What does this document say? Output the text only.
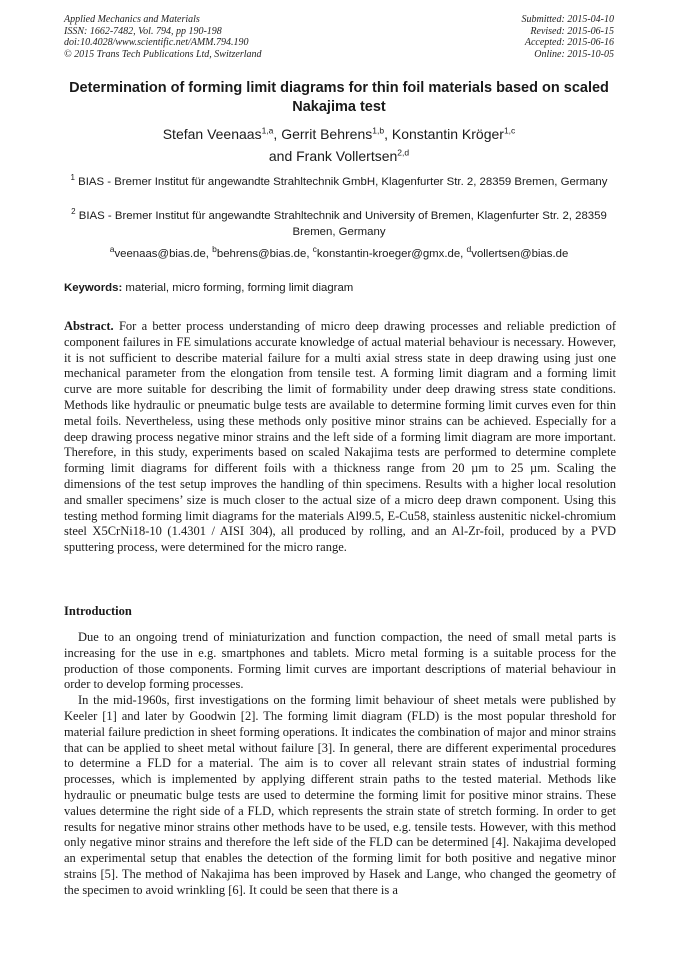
Applied Mechanics and Materials
ISSN: 1662-7482, Vol. 794, pp 190-198
doi:10.4028/www.scientific.net/AMM.794.190
© 2015 Trans Tech Publications Ltd, Switzerland
Submitted: 2015-04-10
Revised: 2015-06-15
Accepted: 2015-06-16
Online: 2015-10-05
Determination of forming limit diagrams for thin foil materials based on scaled Nakajima test
Stefan Veenaas$^{1,a}$, Gerrit Behrens$^{1,b}$, Konstantin Kröger$^{1,c}$
and Frank Vollertsen$^{2,d}$
$^1$ BIAS - Bremer Institut für angewandte Strahltechnik GmbH, Klagenfurter Str. 2, 28359 Bremen, Germany
$^2$ BIAS - Bremer Institut für angewandte Strahltechnik and University of Bremen, Klagenfurter Str. 2, 28359 Bremen, Germany
$^a$veenaas@bias.de, $^b$behrens@bias.de, $^c$konstantin-kroeger@gmx.de, $^d$vollertsen@bias.de
Keywords: material, micro forming, forming limit diagram
Abstract. For a better process understanding of micro deep drawing processes and reliable prediction of component failures in FE simulations accurate knowledge of actual material behaviour is necessary. However, it is not sufficient to describe material failure for a multi axial stress state in deep drawing using just one mechanical parameter from the elongation from tensile test. A forming limit diagram and a forming limit curve are more suitable for describing the limit of formability under deep drawing stress state conditions. Methods like hydraulic or pneumatic bulge tests are available to determine forming limit curves even for thin metal foils. Nevertheless, using these methods only positive minor strains can be achieved. Especially for a deep drawing process negative minor strains and the left side of a forming limit diagram are more important. Therefore, in this study, experiments based on scaled Nakajima tests are performed to determine complete forming limit diagrams for different foils with a thickness range from 20 µm to 25 µm. Scaling the dimensions of the test setup improves the handling of thin specimens. Results with a higher local resolution and smaller specimens’ size is much closer to the actual size of a micro deep drawn component. Using this testing method forming limit diagrams for the materials Al99.5, E-Cu58, stainless austenitic nickel-chromium steel X5CrNi18-10 (1.4301 / AISI 304), all produced by rolling, and an Al-Zr-foil, produced by a PVD sputtering process, were determined for the micro range.
Introduction

Due to an ongoing trend of miniaturization and function compaction, the need of small metal parts is increasing for the use in e.g. smartphones and tablets. Micro metal forming is a suitable process for the production of those components. Forming limit curves are important descriptions of material behaviour in order to develop forming processes.

In the mid-1960s, first investigations on the forming limit behaviour of sheet metals were published by Keeler [1] and later by Goodwin [2]. The forming limit diagram (FLD) is the most popular threshold for material failure prediction in sheet forming operations. It indicates the combination of major and minor strains that can be applied to sheet metal without failure [3]. In general, there are different experimental procedures to determine a FLD for a material. The aim is to cover all relevant strain states of industrial forming processes, which is implemented by applying different strain paths to the tested material. Methods like hydraulic or pneumatic bulge tests are used to determine the forming limit for positive minor strains. These values determine the right side of a FLD, which represents the strain state of stretch forming. In order to get results for negative minor strains other methods have to be used, e.g. tensile tests. However, with this method only negative minor strains and therefore the left side of the FLD can be determined [4]. Nakajima developed an experimental setup that enables the detection of the forming limit for both positive and negative minor strains [5]. The method of Nakajima has been improved by Hasek and Lange, who changed the geometry of the specimen to avoid wrinkling [6]. It could be seen that there is a
